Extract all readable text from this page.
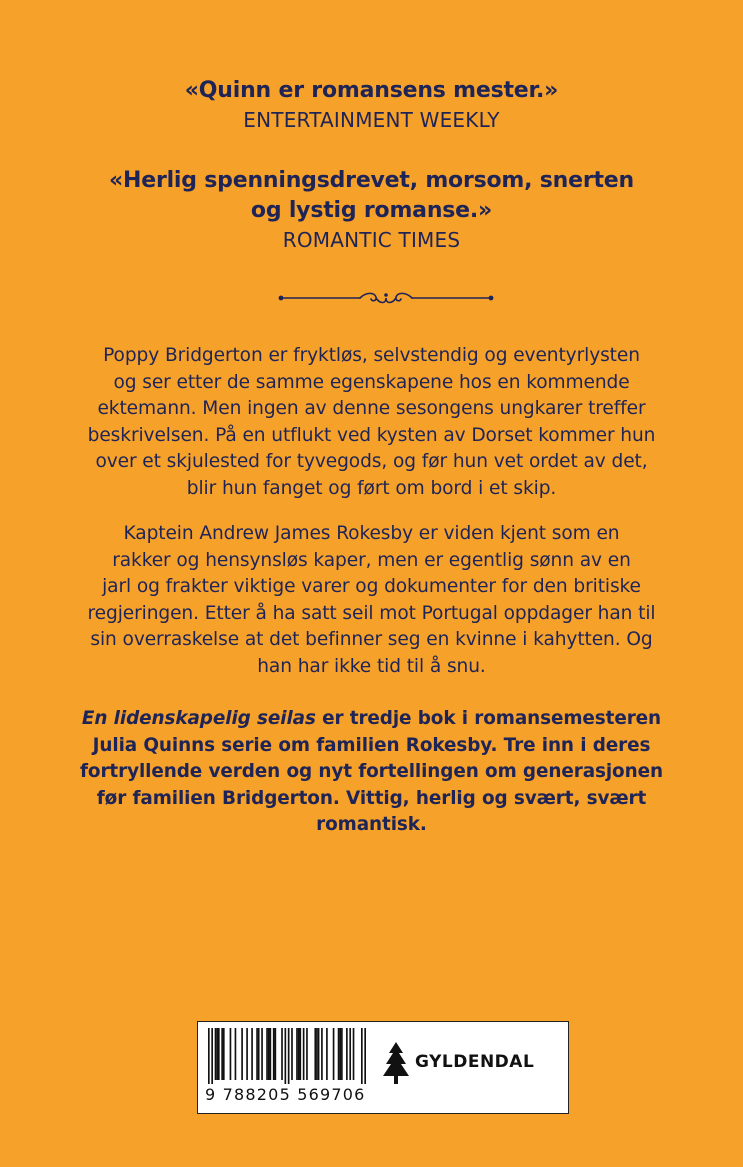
«Quinn er romansens mester.»
ENTERTAINMENT WEEKLY
«Herlig spenningsdrevet, morsom, snerten
og lystig romanse.»
ROMANTIC TIMES
Poppy Bridgerton er fryktløs, selvstendig og eventyrlysten
og ser etter de samme egenskapene hos en kommende
ektemann. Men ingen av denne sesongens ungkarer treffer
beskrivelsen. På en utflukt ved kysten av Dorset kommer hun
over et skjulested for tyvegods, og før hun vet ordet av det,
blir hun fanget og ført om bord i et skip.
Kaptein Andrew James Rokesby er viden kjent som en
rakker og hensynsløs kaper, men er egentlig sønn av en
jarl og frakter viktige varer og dokumenter for den britiske
regjeringen. Etter å ha satt seil mot Portugal oppdager han til
sin overraskelse at det befinner seg en kvinne i kahytten. Og
han har ikke tid til å snu.
En lidenskapelig seilas er tredje bok i romansemesteren
Julia Quinns serie om familien Rokesby. Tre inn i deres
fortryllende verden og nyt fortellingen om generasjonen
før familien Bridgerton. Vittig, herlig og svært, svært
romantisk.
9 788205 569706
GYLDENDAL
